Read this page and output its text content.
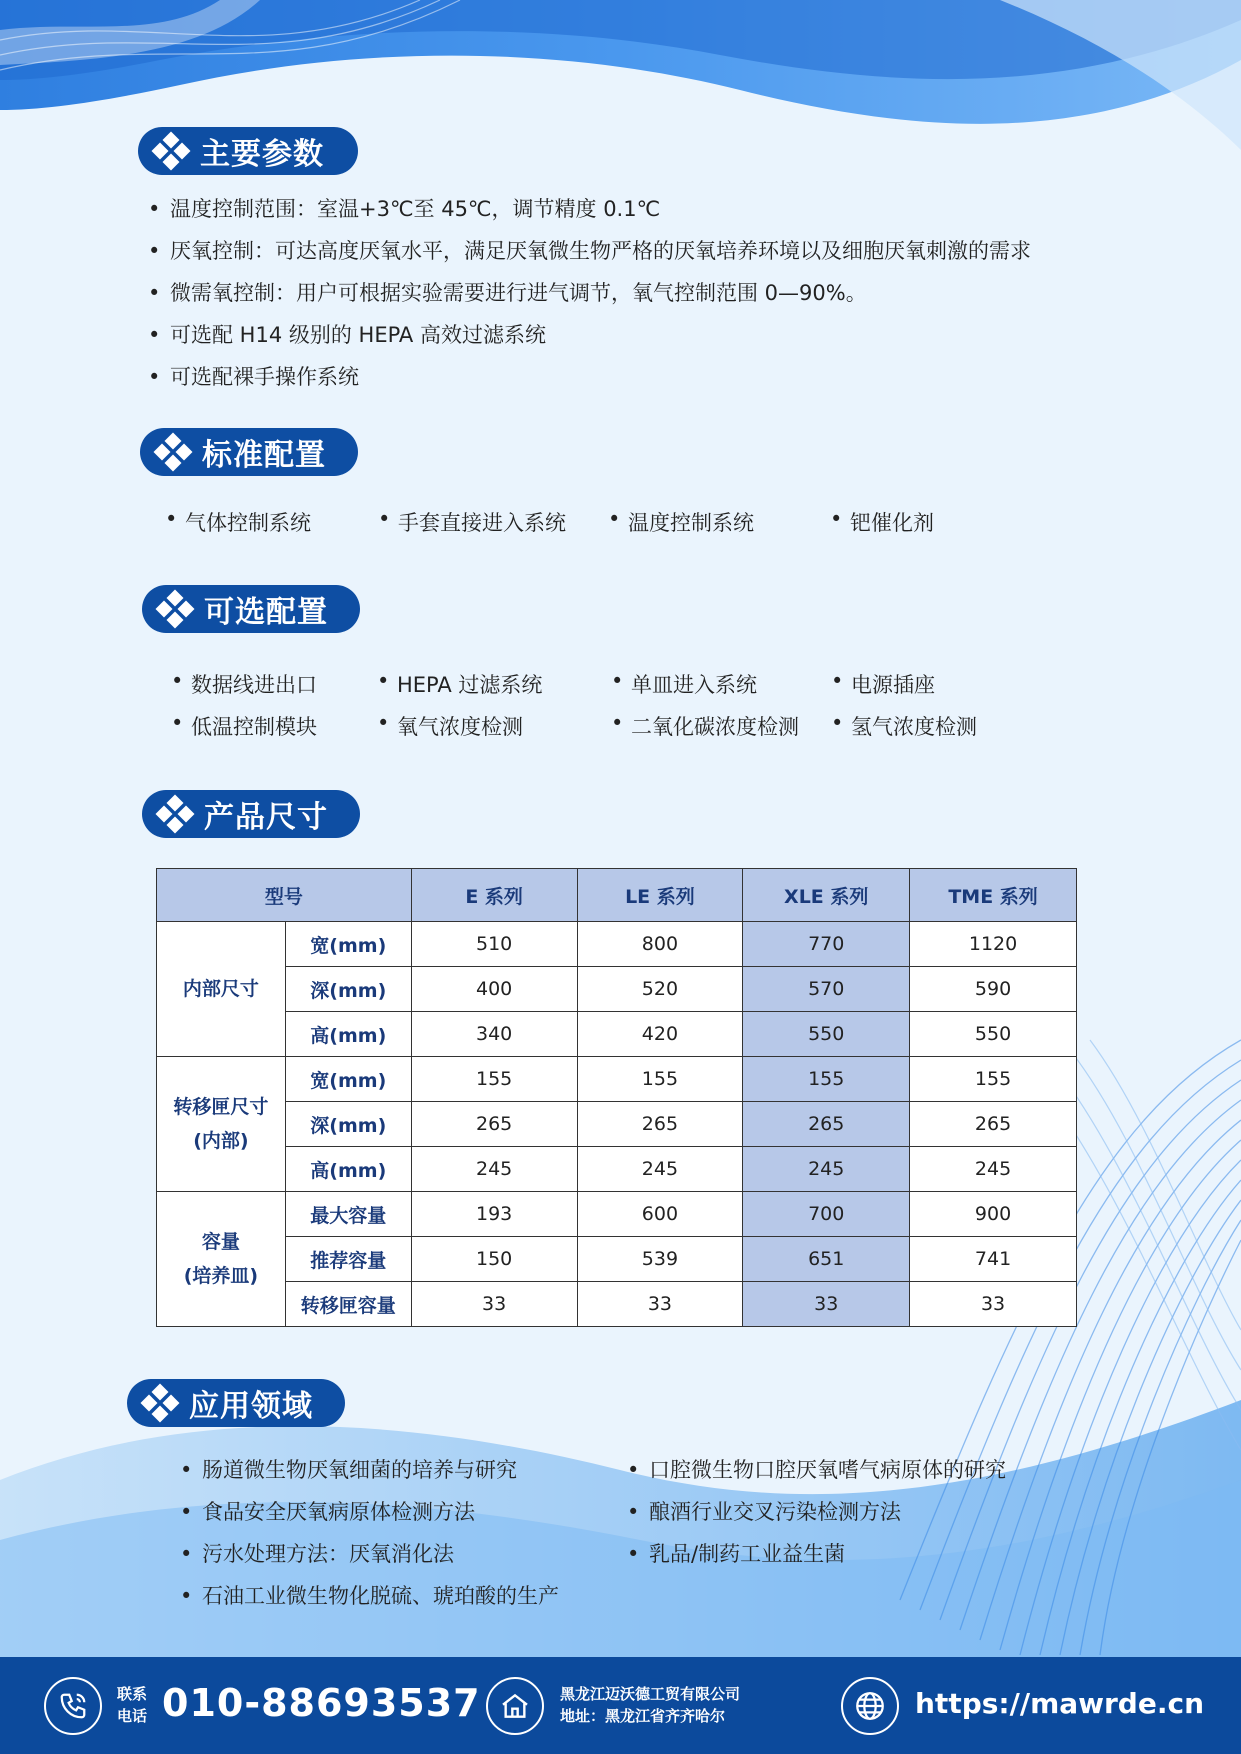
主要参数
• 温度控制范围：室温+3℃至 45℃，调节精度 0.1℃
• 厌氧控制：可达高度厌氧水平，满足厌氧微生物严格的厌氧培养环境以及细胞厌氧刺激的需求
• 微需氧控制：用户可根据实验需要进行进气调节，氧气控制范围 0—90%。
• 可选配 H14 级别的 HEPA 高效过滤系统
• 可选配裸手操作系统
标准配置
• 气体控制系统	• 手套直接进入系统	• 温度控制系统	• 钯催化剂
可选配置
• 数据线进出口	• HEPA 过滤系统	• 单皿进入系统	• 电源插座
• 低温控制模块	• 氧气浓度检测	• 二氧化碳浓度检测	• 氢气浓度检测
产品尺寸
型号		E 系列	LE 系列	XLE 系列	TME 系列
内部尺寸	宽(mm)	510	800	770	1120
	深(mm)	400	520	570	590
	高(mm)	340	420	550	550
转移匣尺寸
(内部)	宽(mm)	155	155	155	155
	深(mm)	265	265	265	265
	高(mm)	245	245	245	245
容量
(培养皿)	最大容量	193	600	700	900
	推荐容量	150	539	651	741
	转移匣容量	33	33	33	33
应用领域
• 肠道微生物厌氧细菌的培养与研究
• 食品安全厌氧病原体检测方法
• 污水处理方法：厌氧消化法
• 石油工业微生物化脱硫、琥珀酸的生产
• 口腔微生物口腔厌氧嗜气病原体的研究
• 酿酒行业交叉污染检测方法
• 乳品/制药工业益生菌
联系
电话 010-88693537	黑龙江迈沃德工贸有限公司
地址：黑龙江省齐齐哈尔	https://mawrde.cn
